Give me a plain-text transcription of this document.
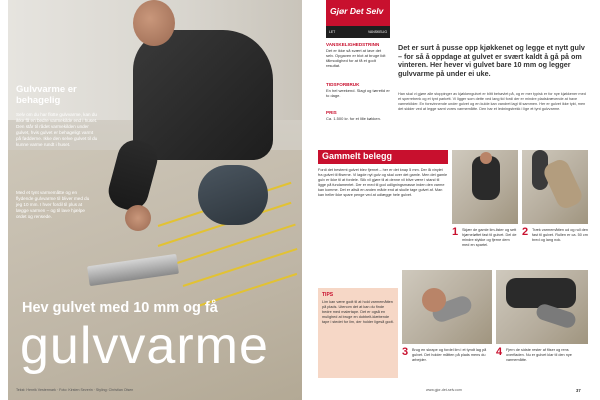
Gulvvarme er behagelig
Selv om du har flotte gulvvarme, kan du ikke få en bedre varmekilde end i huset. Den står til rådet varmekilden under gulvet, hvis gulvet er behageligt varmt på fødderne. Ikke den selve gulvet til du kunne varme rundt i huset.
Med et tynt varmemåtte og en flydende gulvvarme til bliver med du jeg 10 mm. I hver fordil til plus at lægge varmen – og til lave hjælpe ordet og rensede.
Hev gulvet med 10 mm og få
gulvvarme
Tekst: Henrik Vestermark · Foto: Kirsten Severin · Styling: Christian Olsen
Gjør Det Selv
LET	VANSKELIG
VANSKELIGHEDSTRINN
Det er ikke så svært at lave det selv. Opgaven er blot at bruge lidt tålmodighed for at få et godt resultat.
TIDSFORBRUK
En hel weekend. Slagt og tørretid er to dage.
PRIS
Ca. 1.500 kr. for et lille køkken.
Det er surt å pusse opp kjøkkenet og legge et nytt gulv – for så å oppdage at gulvet er svært kaldt å gå på om vinteren. Her hever vi gulvet bare 10 mm og legger gulvvarme på under ei uke.
Han skal vi gjøre alle stoppinger av kjøkkengulvet er blitt behøvlet på, og er mer typisk er for nye kjøkkener med et sperrebenk og et tynt parkett. Vi ligger som dette ved lang tid fordi der er mindre pladskrævende at have varmekilder. En forsvinnende under gulvet og en kulde kan vandret lagt til sammen. Her er gulvet ikke tykt, men det sidder ved at legge samt vores varmemåtte. Den har et ledningstrekk i lige et tynt gulvvarme.
Gammelt belegg
Fordi det bestemt gulvet blev fjernet – her er det knap 5 mm. Der lå vinylet fra gulvet til fliserne. Vi lagde nyt gulv og skal over det gamle. Men det gamle gulv er ikke til at fordele. Slik vil gjøre til at denne vil blive være i stand til ligge på fundamentet. Der er med til god udligningsmasse inden den varme kan komme. Det er altså en anden måde end at skulle tage gulvet af. Man kan heller ikke spare penge ved at udlægge hele gulvet.
TIPS
Lim kan være godt til at hold varmemåtten på plads. Utenom det at kan du finde bedre med malertape. Det er også en mulighed at bruge en dobbelt-klæbende tape i stedet for lim, der holder ligeså godt.
1 Skjær de gamle lim-lister og sett hjørneløftet fast til gulvet. Del de mindre stykke og fjerne dem med en spartel.
2 Træk varmemåtten ud og rull den fast til gulvet. Rullen er ca. 50 cm bred og lang nok.
3 Brug en skrape og fordel lim i et tyndt lag på gulvet. Det holder måtten på plads mens du arbejder.
4 Fjern de sidste rester af fliser og rens overfladen. Nu er gulvet klar til den nye varmemåtte.
www.gjor-det-selv.com	37
